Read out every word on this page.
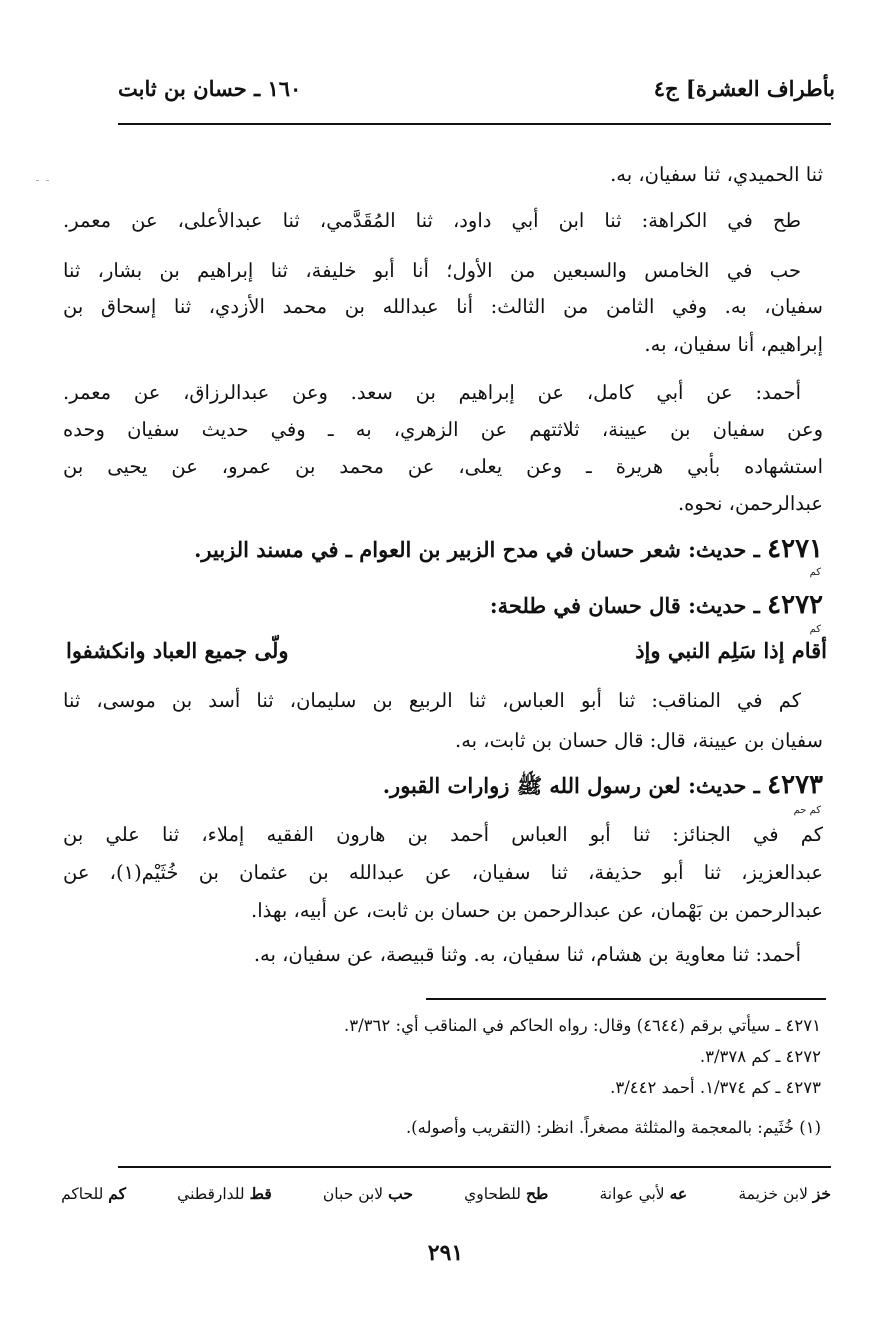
بأطراف العشرة] ج٤
١٦٠ ـ حسان بن ثابت
ثنا الحميدي، ثنا سفيان، به.
طح في الكراهة: ثنا ابن أبي داود، ثنا المُقَدَّمي، ثنا عبدالأعلى، عن معمر.
حب في الخامس والسبعين من الأول؛ أنا أبو خليفة، ثنا إبراهيم بن بشار، ثنا
سفيان، به. وفي الثامن من الثالث: أنا عبدالله بن محمد الأزدي، ثنا إسحاق بن
إبراهيم، أنا سفيان، به.
أحمد: عن أبي كامل، عن إبراهيم بن سعد. وعن عبدالرزاق، عن معمر.
وعن سفيان بن عيينة، ثلاثتهم عن الزهري، به ـ وفي حديث سفيان وحده
استشهاده بأبي هريرة ـ وعن يعلى، عن محمد بن عمرو، عن يحيى بن
عبدالرحمن، نحوه.
٤٢٧١ ـ حديث: شعر حسان في مدح الزبير بن العوام ـ في مسند الزبير.
كم
٤٢٧٢ ـ حديث: قال حسان في طلحة:
كم
أقام إذا سَلِم النبي وإذ
ولّى جميع العباد وانكشفوا
كم في المناقب: ثنا أبو العباس، ثنا الربيع بن سليمان، ثنا أسد بن موسى، ثنا
سفيان بن عيينة، قال: قال حسان بن ثابت، به.
٤٢٧٣ ـ حديث: لعن رسول الله ﷺ زوارات القبور.
كم حم
كم في الجنائز: ثنا أبو العباس أحمد بن هارون الفقيه إملاء، ثنا علي بن
عبدالعزيز، ثنا أبو حذيفة، ثنا سفيان، عن عبدالله بن عثمان بن خُثَيْم(١)، عن
عبدالرحمن بن بَهْمان، عن عبدالرحمن بن حسان بن ثابت، عن أبيه، بهذا.
أحمد: ثنا معاوية بن هشام، ثنا سفيان، به. وثنا قبيصة، عن سفيان، به.
٤٢٧١ ـ سيأتي برقم (٤٦٤٤) وقال: رواه الحاكم في المناقب أي: ٣/٣٦٢.
٤٢٧٢ ـ كم ٣/٣٧٨.
٤٢٧٣ ـ كم ١/٣٧٤. أحمد ٣/٤٤٢.
(١) خُثَيم: بالمعجمة والمثلثة مصغراً. انظر: (التقريب وأصوله).
خز لابن خزيمة
عه لأبي عوانة
طح للطحاوي
حب لابن حبان
قط للدارقطني
كم للحاكم
٢٩١
